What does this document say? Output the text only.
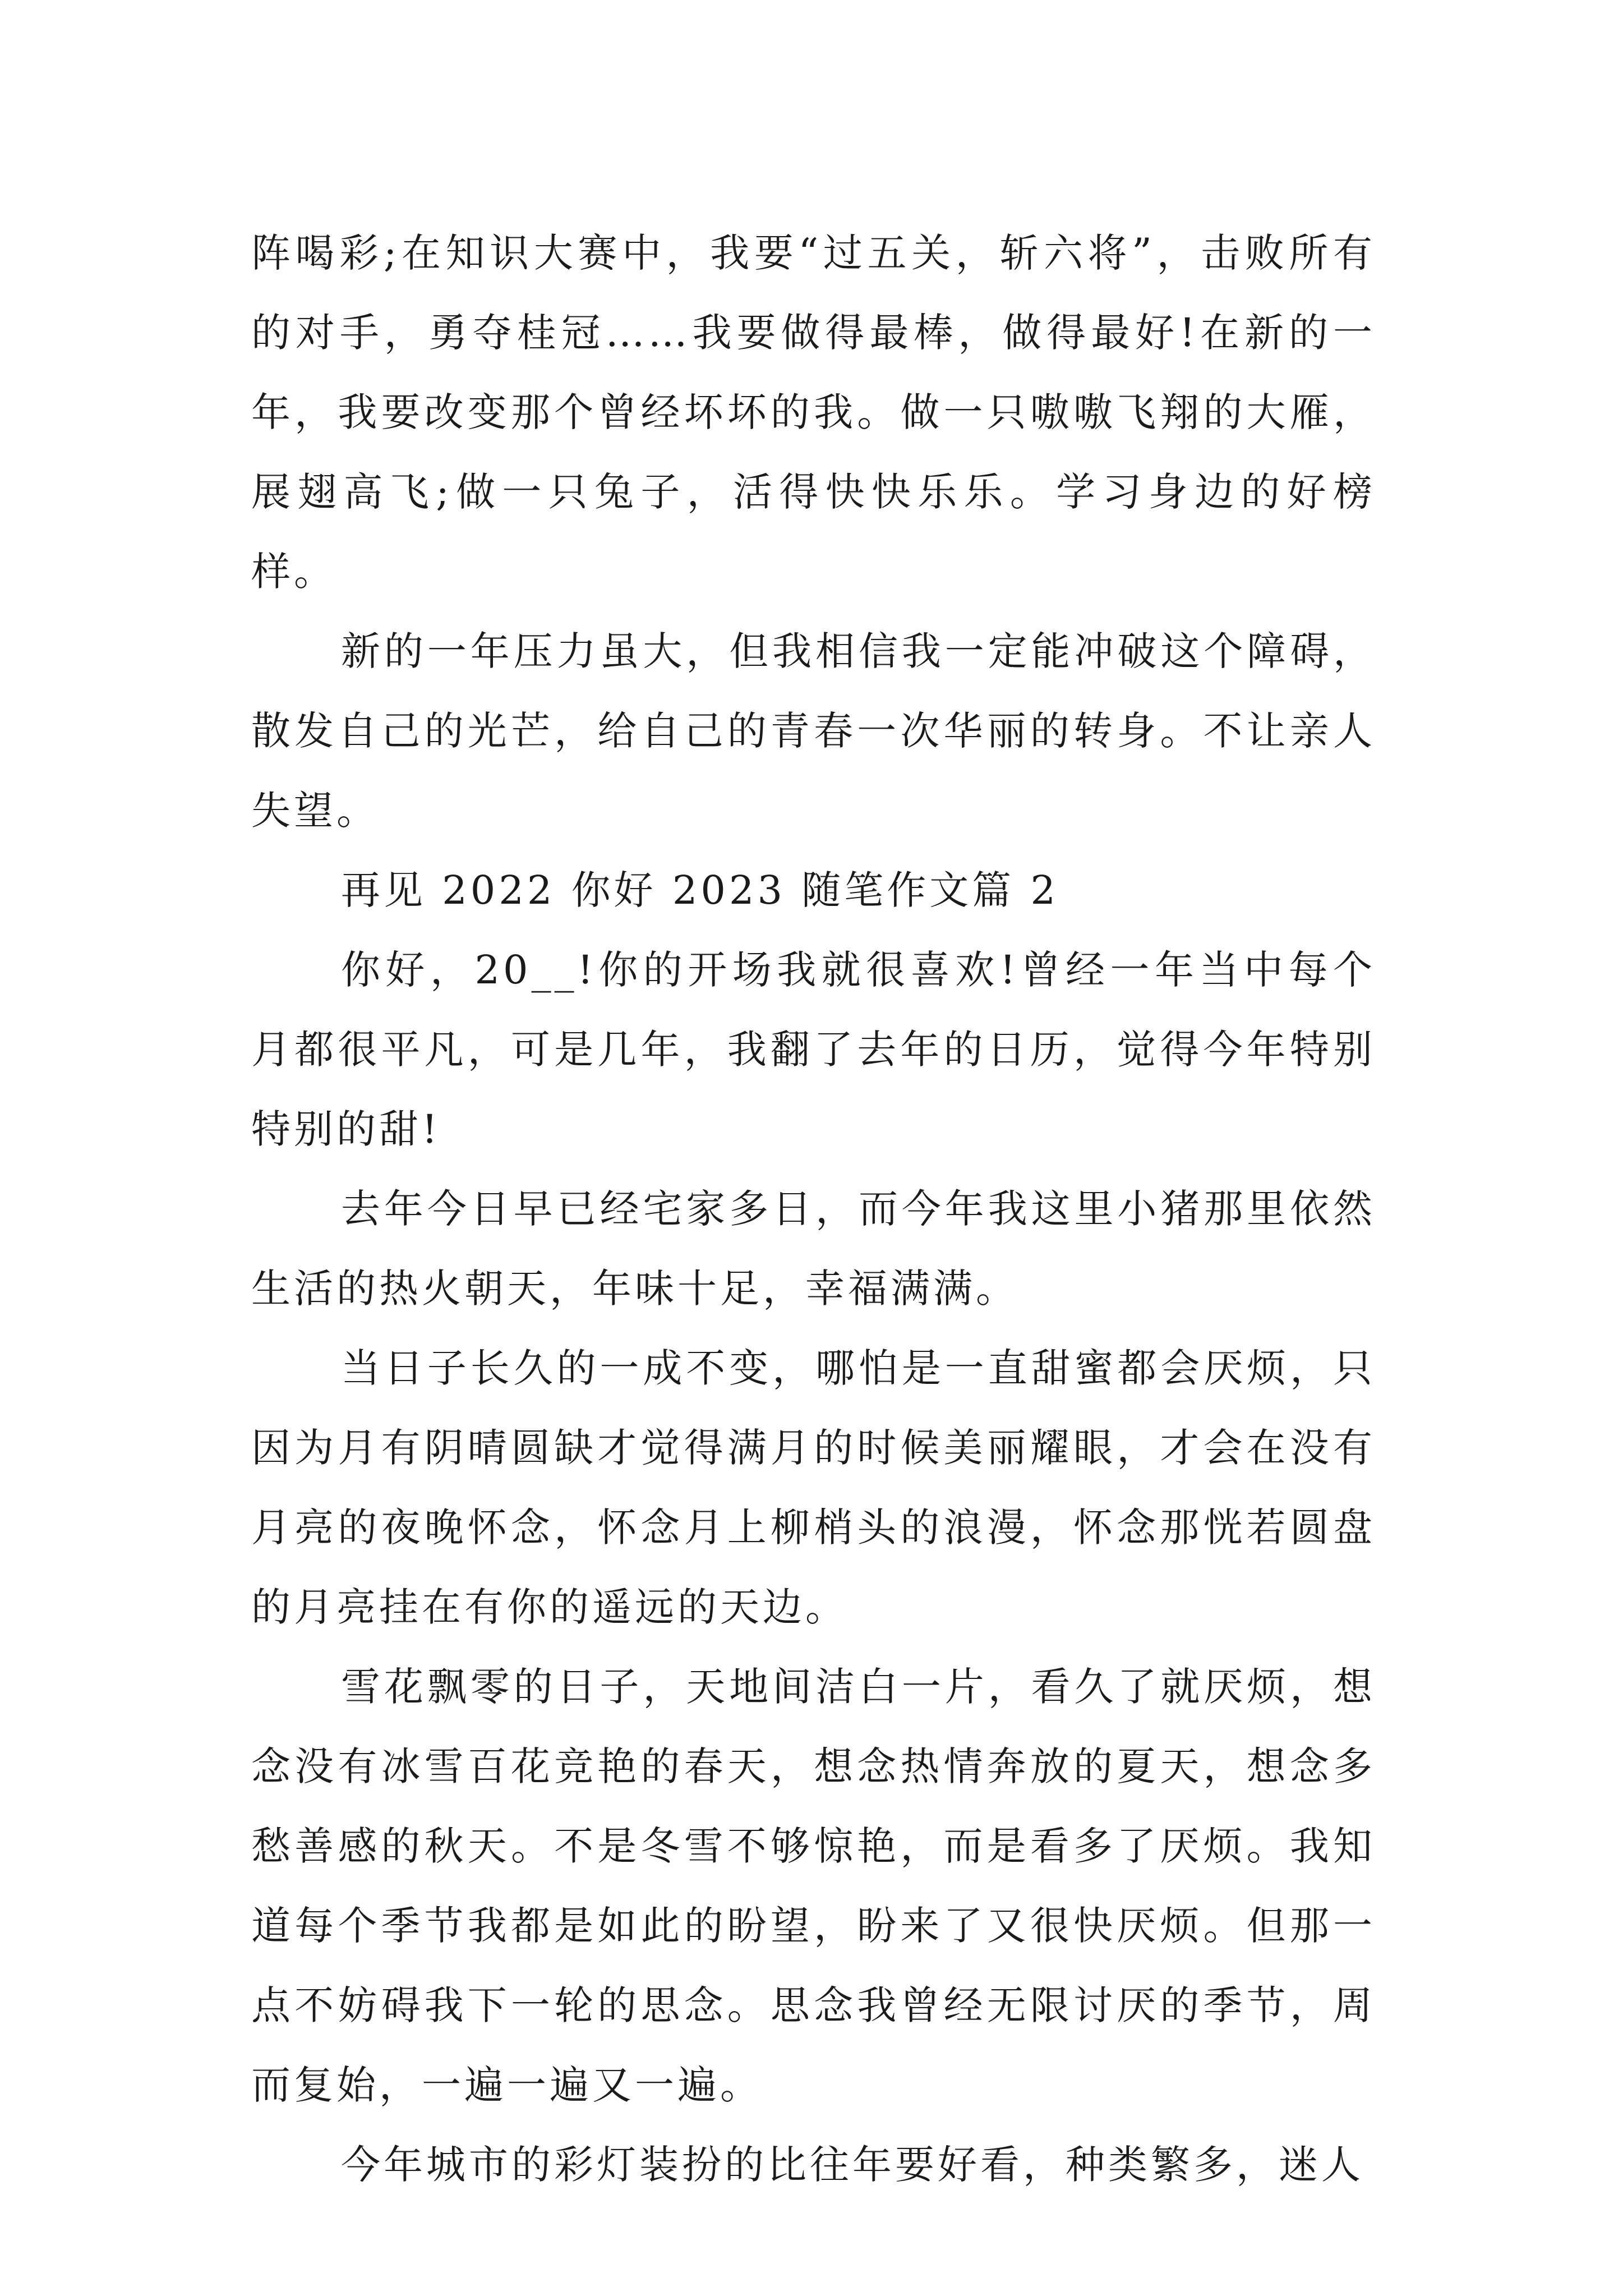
阵喝彩;在知识大赛中，我要“过五关，斩六将”，击败所有的对手，勇夺桂冠……我要做得最棒，做得最好!在新的一年，我要改变那个曾经坏坏的我。做一只嗷嗷飞翔的大雁，展翅高飞;做一只兔子，活得快快乐乐。学习身边的好榜样。

新的一年压力虽大，但我相信我一定能冲破这个障碍，散发自己的光芒，给自己的青春一次华丽的转身。不让亲人失望。

再见 2022 你好 2023 随笔作文篇 2

你好，20__!你的开场我就很喜欢!曾经一年当中每个月都很平凡，可是几年，我翻了去年的日历，觉得今年特别特别的甜!

去年今日早已经宅家多日，而今年我这里小猪那里依然生活的热火朝天，年味十足，幸福满满。

当日子长久的一成不变，哪怕是一直甜蜜都会厌烦，只因为月有阴晴圆缺才觉得满月的时候美丽耀眼，才会在没有月亮的夜晚怀念，怀念月上柳梢头的浪漫，怀念那恍若圆盘的月亮挂在有你的遥远的天边。

雪花飘零的日子，天地间洁白一片，看久了就厌烦，想念没有冰雪百花竞艳的春天，想念热情奔放的夏天，想念多愁善感的秋天。不是冬雪不够惊艳，而是看多了厌烦。我知道每个季节我都是如此的盼望，盼来了又很快厌烦。但那一点不妨碍我下一轮的思念。思念我曾经无限讨厌的季节，周而复始，一遍一遍又一遍。

今年城市的彩灯装扮的比往年要好看，种类繁多，迷人
